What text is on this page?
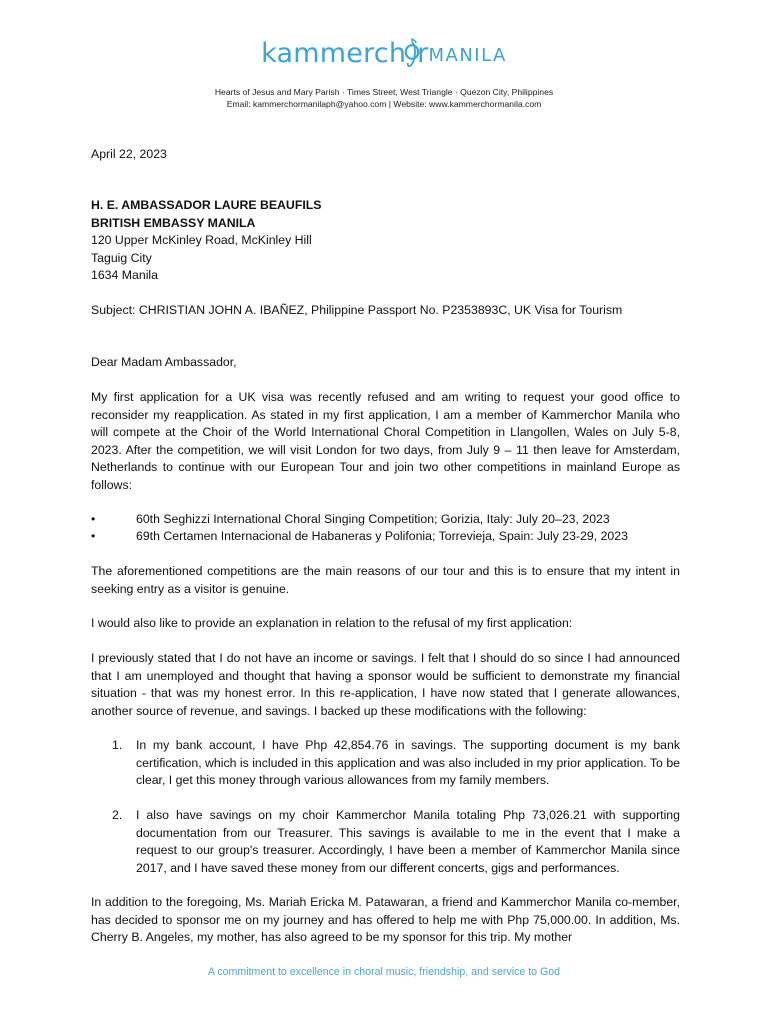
kammerch rMANILA
Hearts of Jesus and Mary Parish · Times Street, West Triangle · Quezon City, Philippines
Email: kammerchormanilaph@yahoo.com | Website: www.kammerchormanila.com
April 22, 2023
H. E. AMBASSADOR LAURE BEAUFILS
BRITISH EMBASSY MANILA
120 Upper McKinley Road, McKinley Hill
Taguig City
1634 Manila
Subject: CHRISTIAN JOHN A. IBAÑEZ, Philippine Passport No. P2353893C, UK Visa for Tourism
Dear Madam Ambassador,
My first application for a UK visa was recently refused and am writing to request your good office to reconsider my reapplication. As stated in my first application, I am a member of Kammerchor Manila who will compete at the Choir of the World International Choral Competition in Llangollen, Wales on July 5-8, 2023. After the competition, we will visit London for two days, from July 9 – 11 then leave for Amsterdam, Netherlands to continue with our European Tour and join two other competitions in mainland Europe as follows:
•	60th Seghizzi International Choral Singing Competition; Gorizia, Italy: July 20–23, 2023
•	69th Certamen Internacional de Habaneras y Polifonia; Torrevieja, Spain: July 23-29, 2023
The aforementioned competitions are the main reasons of our tour and this is to ensure that my intent in seeking entry as a visitor is genuine.
I would also like to provide an explanation in relation to the refusal of my first application:
I previously stated that I do not have an income or savings. I felt that I should do so since I had announced that I am unemployed and thought that having a sponsor would be sufficient to demonstrate my financial situation - that was my honest error. In this re-application, I have now stated that I generate allowances, another source of revenue, and savings. I backed up these modifications with the following:
1. In my bank account, I have Php 42,854.76 in savings. The supporting document is my bank certification, which is included in this application and was also included in my prior application. To be clear, I get this money through various allowances from my family members.
2. I also have savings on my choir Kammerchor Manila totaling Php 73,026.21 with supporting documentation from our Treasurer. This savings is available to me in the event that I make a request to our group's treasurer. Accordingly, I have been a member of Kammerchor Manila since 2017, and I have saved these money from our different concerts, gigs and performances.
In addition to the foregoing, Ms. Mariah Ericka M. Patawaran, a friend and Kammerchor Manila co-member, has decided to sponsor me on my journey and has offered to help me with Php 75,000.00. In addition, Ms. Cherry B. Angeles, my mother, has also agreed to be my sponsor for this trip. My mother
A commitment to excellence in choral music, friendship, and service to God
